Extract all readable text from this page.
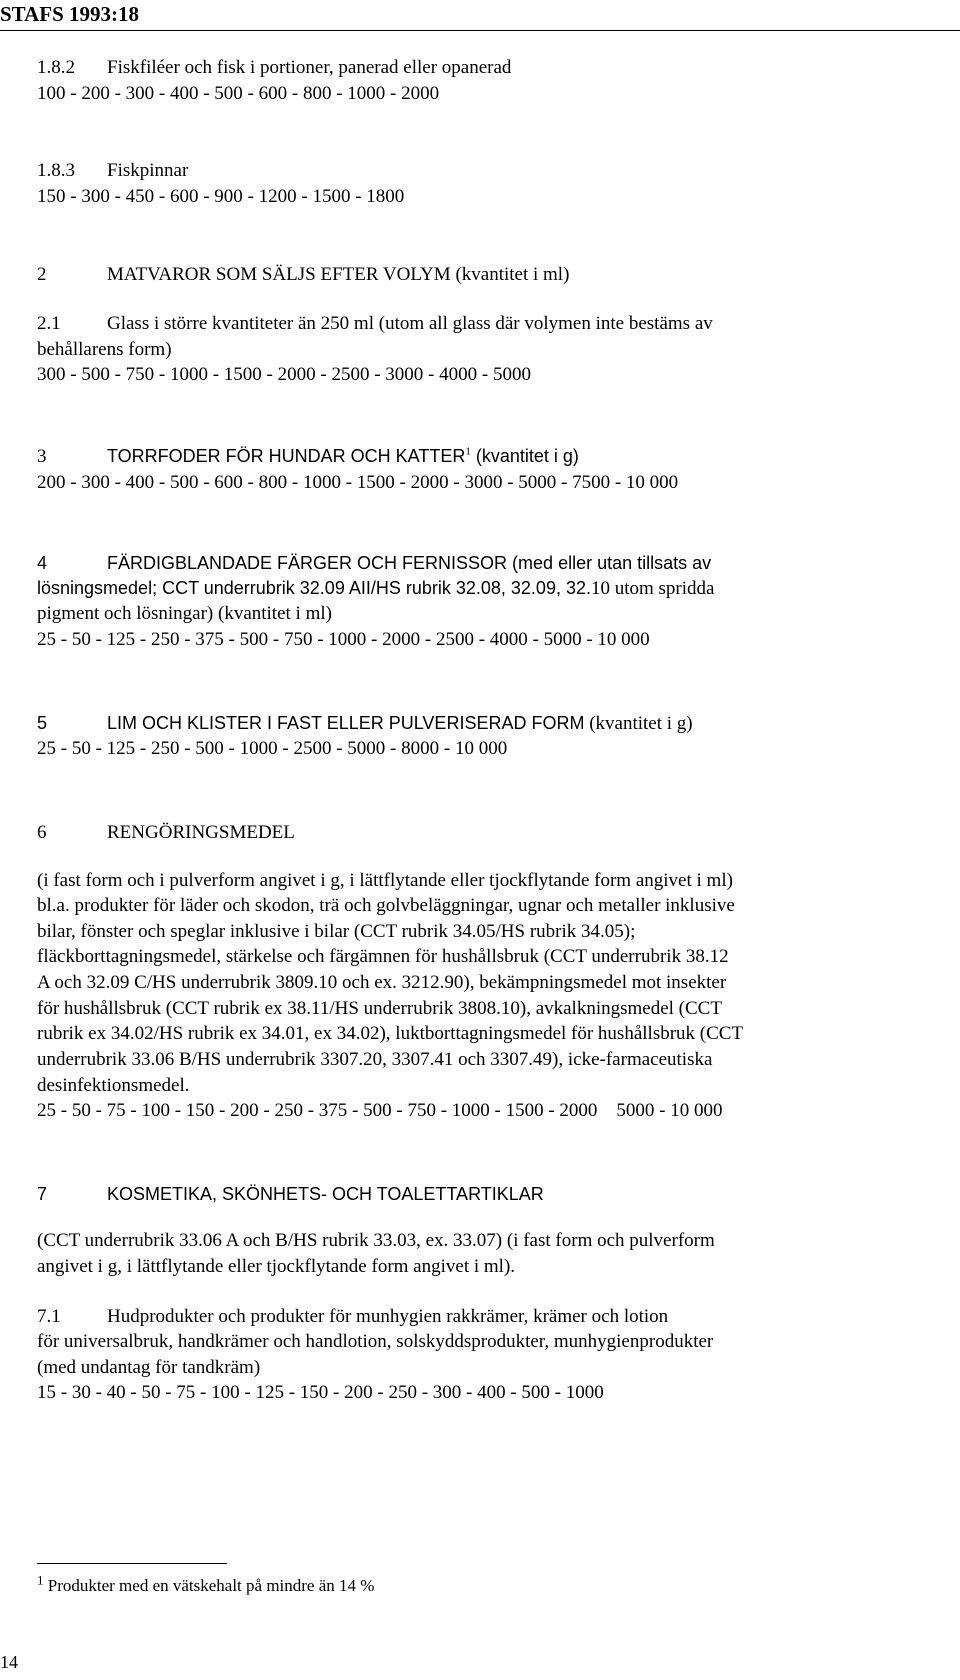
STAFS 1993:18

1.8.2 Fiskfiléer och fisk i portioner, panerad eller opanerad

100 - 200 - 300 - 400 - 500 - 600 - 800 - 1000 - 2000

1.8.3 Fiskpinnar

150 - 300 - 450 - 600 - 900 - 1200 - 1500 - 1800

2	MATVAROR SOM SÄLJS EFTER VOLYM (kvantitet i ml)

2.1 Glass i större kvantiteter än 250 ml (utom all glass där volymen inte bestäms av

behållarens form)

300 - 500 - 750 - 1000 - 1500 - 2000 - 2500 - 3000 - 4000 - 5000

3	TORRFODER FÖR HUNDAR OCH KATTER$^1$ (kvantitet i g)

200 - 300 - 400 - 500 - 600 - 800 - 1000 - 1500 - 2000 - 3000 - 5000 - 7500 - 10 000

4	FÄRDIGBLANDADE FÄRGER OCH FERNISSOR (med eller utan tillsats av

lösningsmedel; CCT underrubrik 32.09 AII/HS rubrik 32.08, 32.09, 32.10 utom spridda

pigment och lösningar) (kvantitet i ml)

25 - 50 - 125 - 250 - 375 - 500 - 750 - 1000 - 2000 - 2500 - 4000 - 5000 - 10 000

5	LIM OCH KLISTER I FAST ELLER PULVERISERAD FORM (kvantitet i g)

25 - 50 - 125 - 250 - 500 - 1000 - 2500 - 5000 - 8000 - 10 000

6	RENGÖRINGSMEDEL

(i fast form och i pulverform angivet i g, i lättflytande eller tjockflytande form angivet i ml)

bl.a. produkter för läder och skodon, trä och golvbeläggningar, ugnar och metaller inklusive

bilar, fönster och speglar inklusive i bilar (CCT rubrik 34.05/HS rubrik 34.05);

fläckborttagningsmedel, stärkelse och färgämnen för hushållsbruk (CCT underrubrik 38.12

A och 32.09 C/HS underrubrik 3809.10 och ex. 3212.90), bekämpningsmedel mot insekter

för hushållsbruk (CCT rubrik ex 38.11/HS underrubrik 3808.10), avkalkningsmedel (CCT

rubrik ex 34.02/HS rubrik ex 34.01, ex 34.02), luktborttagningsmedel för hushållsbruk (CCT

underrubrik 33.06 B/HS underrubrik 3307.20, 3307.41 och 3307.49), icke-farmaceutiska

desinfektionsmedel.

25 - 50 - 75 - 100 - 150 - 200 - 250 - 375 - 500 - 750 - 1000 - 1500 - 2000    5000 - 10 000

7	KOSMETIKA, SKÖNHETS- OCH TOALETTARTIKLAR

(CCT underrubrik 33.06 A och B/HS rubrik 33.03, ex. 33.07) (i fast form och pulverform

angivet i g, i lättflytande eller tjockflytande form angivet i ml).

7.1 Hudprodukter och produkter för munhygien rakkrämer, krämer och lotion

för universalbruk, handkrämer och handlotion, solskyddsprodukter, munhygienprodukter

(med undantag för tandkräm)

15 - 30 - 40 - 50 - 75 - 100 - 125 - 150 - 200 - 250 - 300 - 400 - 500 - 1000

$^1$ Produkter med en vätskehalt på mindre än 14 %
14
